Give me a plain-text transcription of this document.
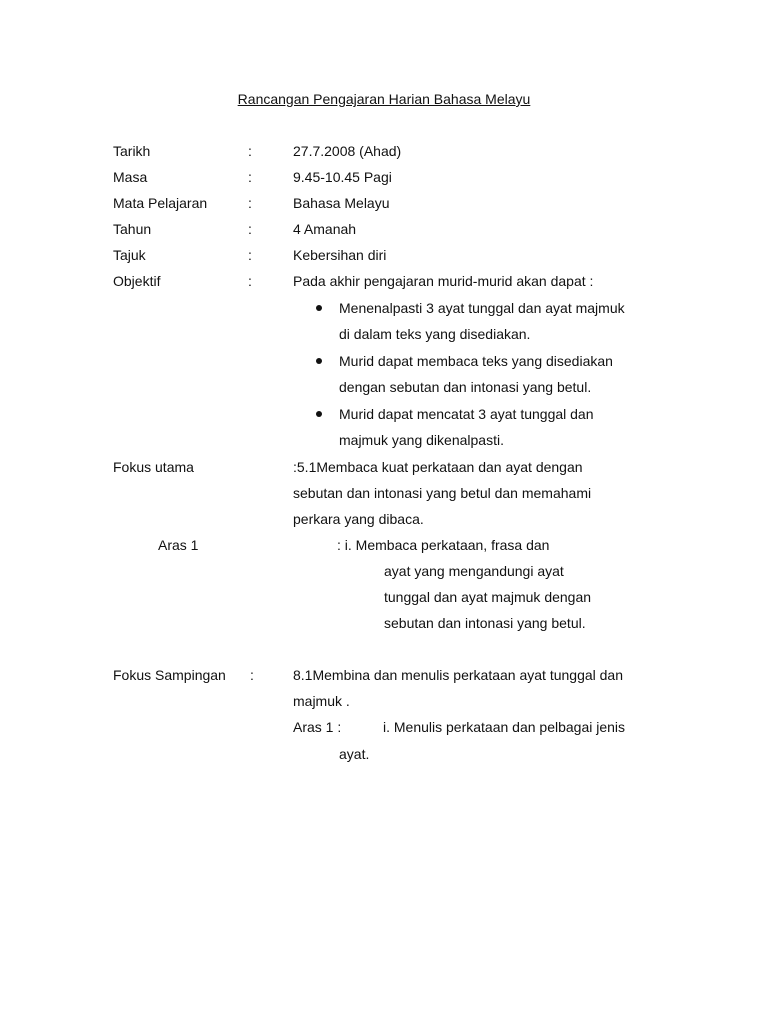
Rancangan Pengajaran Harian Bahasa Melayu
Tarikh	:	27.7.2008 (Ahad)
Masa	:	9.45-10.45 Pagi
Mata Pelajaran	:	Bahasa Melayu
Tahun	:	4 Amanah
Tajuk	:	Kebersihan diri
Objektif	:	Pada akhir pengajaran murid-murid akan dapat :
Menenalpasti 3 ayat tunggal dan ayat majmuk
di dalam teks yang disediakan.
Murid dapat membaca teks yang disediakan
dengan sebutan dan intonasi yang betul.
Murid dapat mencatat 3 ayat tunggal dan
majmuk yang dikenalpasti.
Fokus utama	:5.1Membaca kuat perkataan dan ayat dengan
sebutan dan intonasi yang betul dan memahami
perkara yang dibaca.
Aras 1	: i. Membaca perkataan, frasa dan
ayat yang mengandungi ayat
tunggal dan ayat majmuk dengan
sebutan dan intonasi yang betul.
Fokus Sampingan :	8.1Membina dan menulis perkataan ayat tunggal dan
majmuk .
Aras 1 :	i. Menulis perkataan dan pelbagai jenis
ayat.
